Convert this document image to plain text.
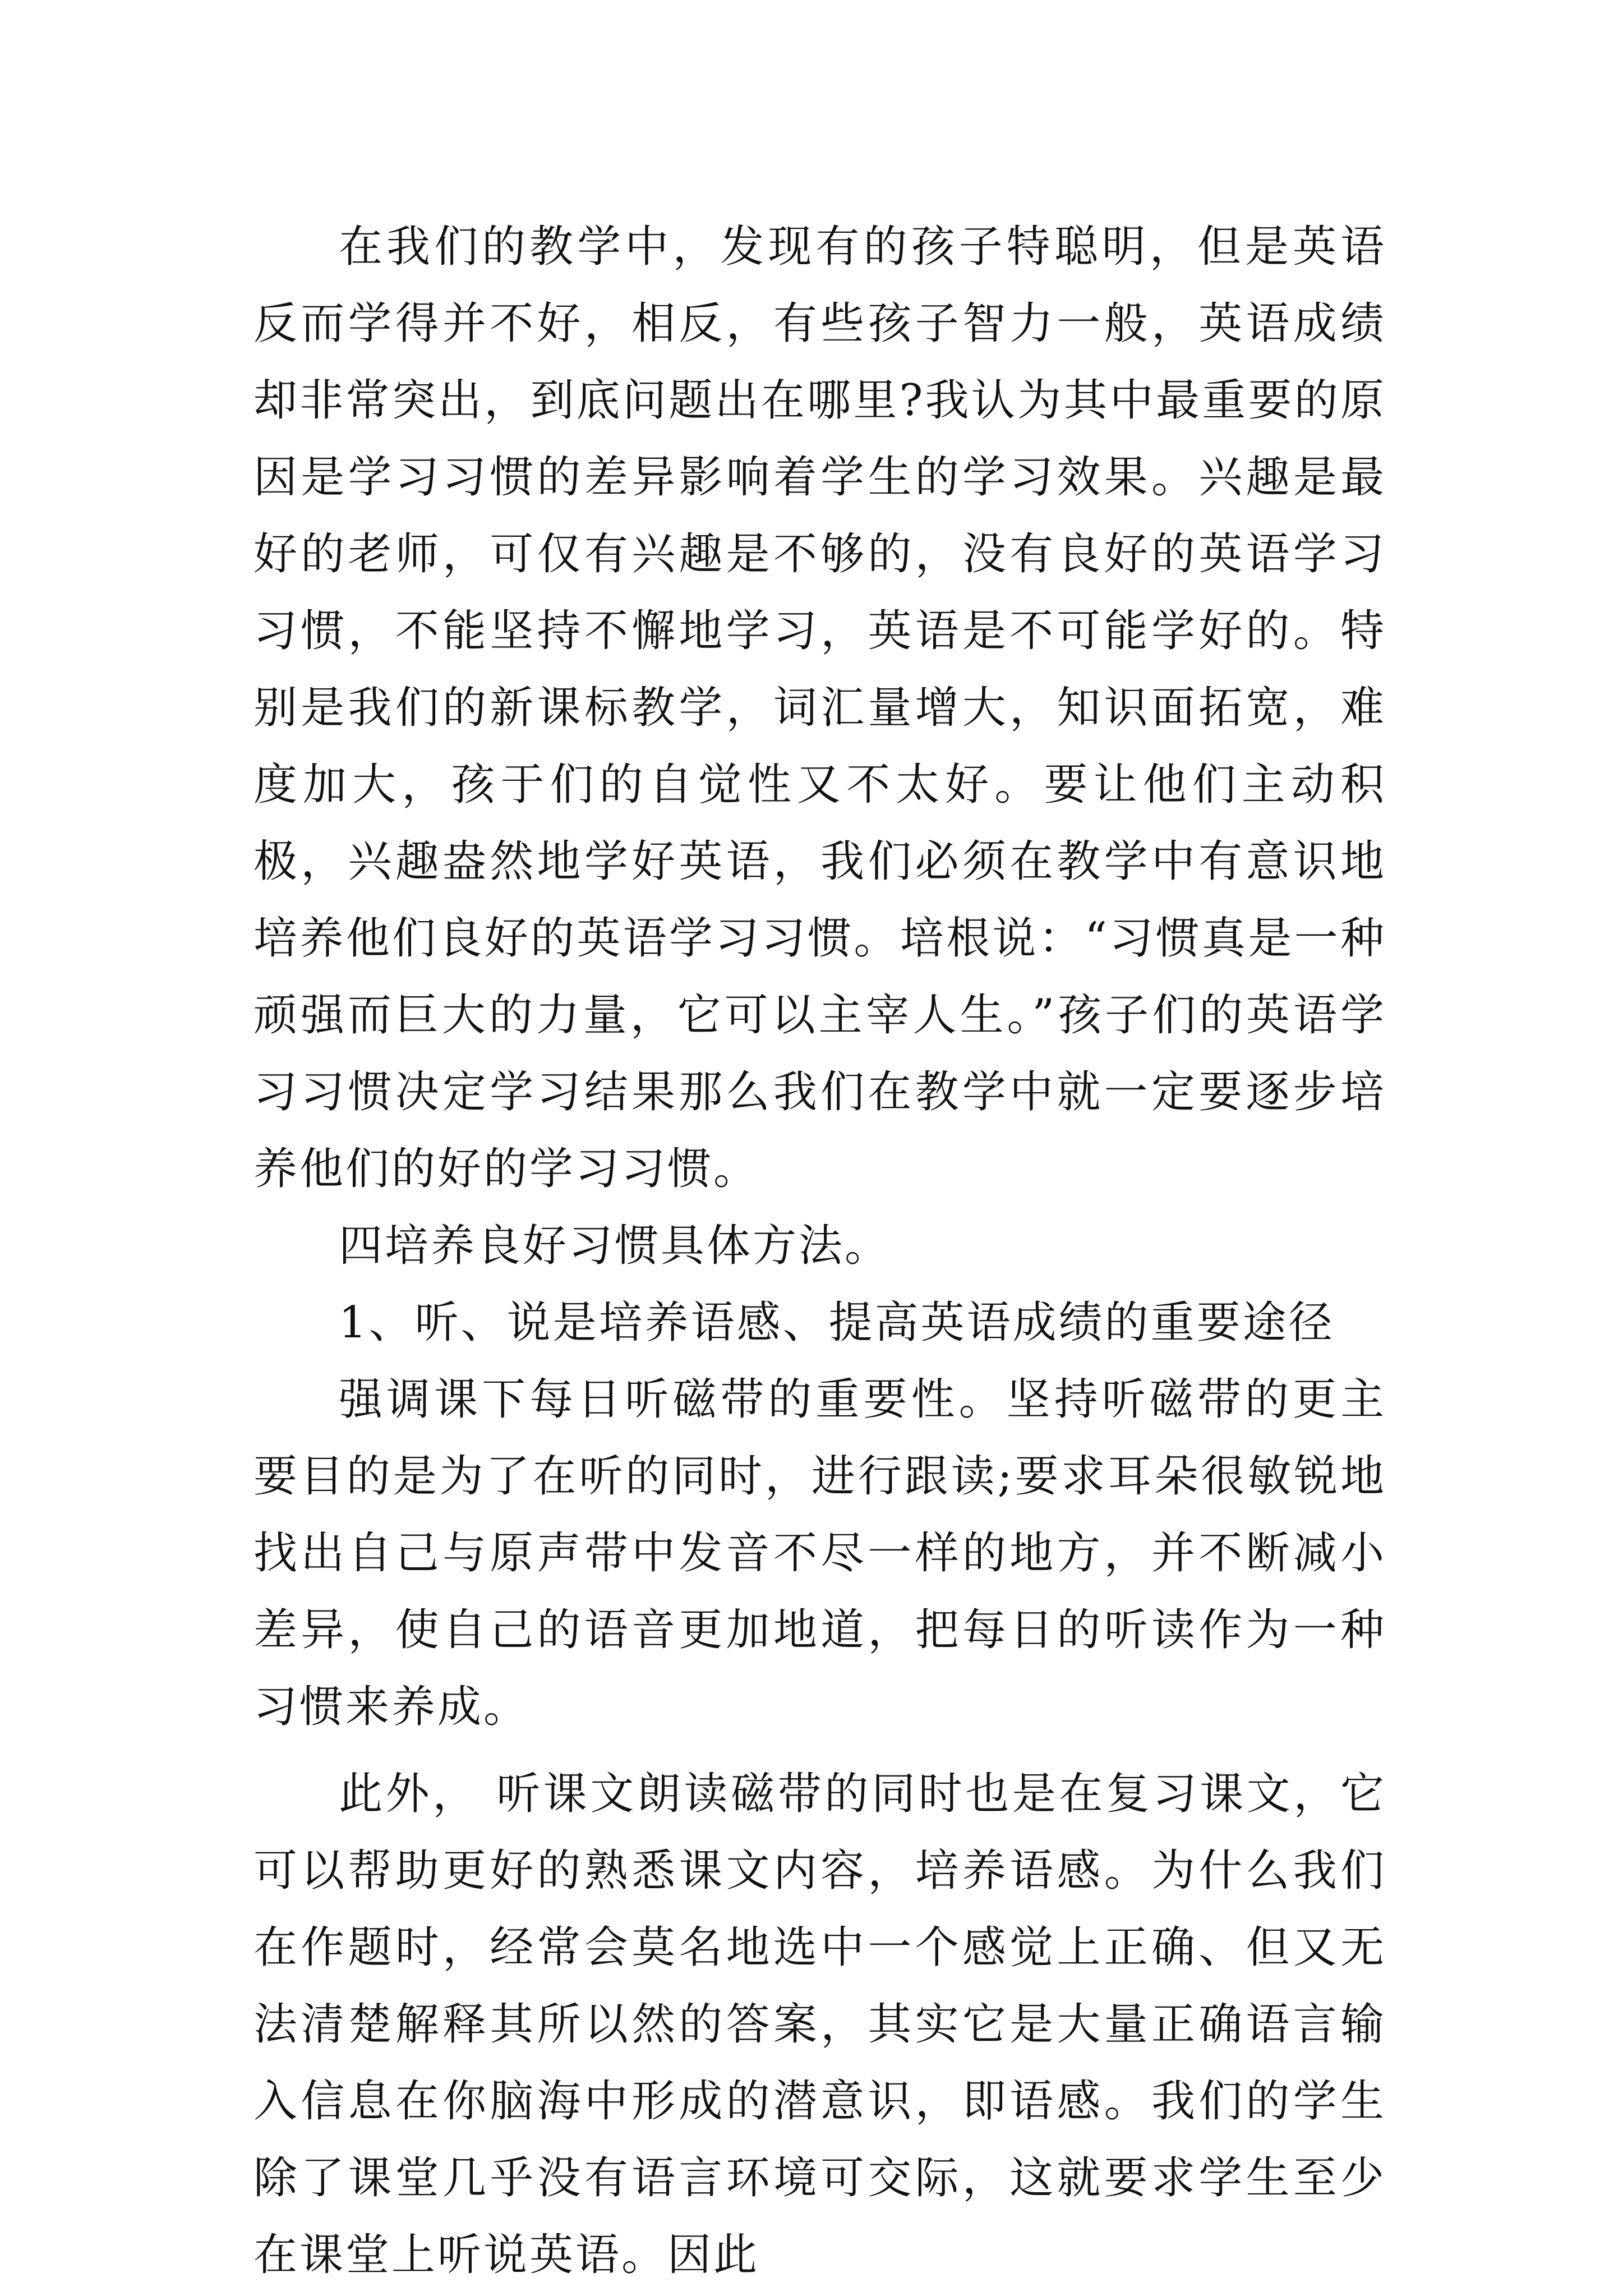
在我们的教学中，发现有的孩子特聪明，但是英语反而学得并不好，相反，有些孩子智力一般，英语成绩却非常突出，到底问题出在哪里?我认为其中最重要的原因是学习习惯的差异影响着学生的学习效果。兴趣是最好的老师，可仅有兴趣是不够的，没有良好的英语学习习惯，不能坚持不懈地学习，英语是不可能学好的。特别是我们的新课标教学，词汇量增大，知识面拓宽，难度加大，孩于们的自觉性又不太好。要让他们主动积极，兴趣盎然地学好英语，我们必须在教学中有意识地培养他们良好的英语学习习惯。培根说：“习惯真是一种顽强而巨大的力量，它可以主宰人生。”孩子们的英语学习习惯决定学习结果那么我们在教学中就一定要逐步培养他们的好的学习习惯。

四培养良好习惯具体方法。

1、听、说是培养语感、提高英语成绩的重要途径

强调课下每日听磁带的重要性。坚持听磁带的更主要目的是为了在听的同时，进行跟读;要求耳朵很敏锐地找出自己与原声带中发音不尽一样的地方，并不断减小差异，使自己的语音更加地道，把每日的听读作为一种习惯来养成。

此外， 听课文朗读磁带的同时也是在复习课文，它可以帮助更好的熟悉课文内容，培养语感。为什么我们在作题时，经常会莫名地选中一个感觉上正确、但又无法清楚解释其所以然的答案，其实它是大量正确语言输入信息在你脑海中形成的潜意识，即语感。我们的学生除了课堂几乎没有语言环境可交际，这就要求学生至少在课堂上听说英语。因此
